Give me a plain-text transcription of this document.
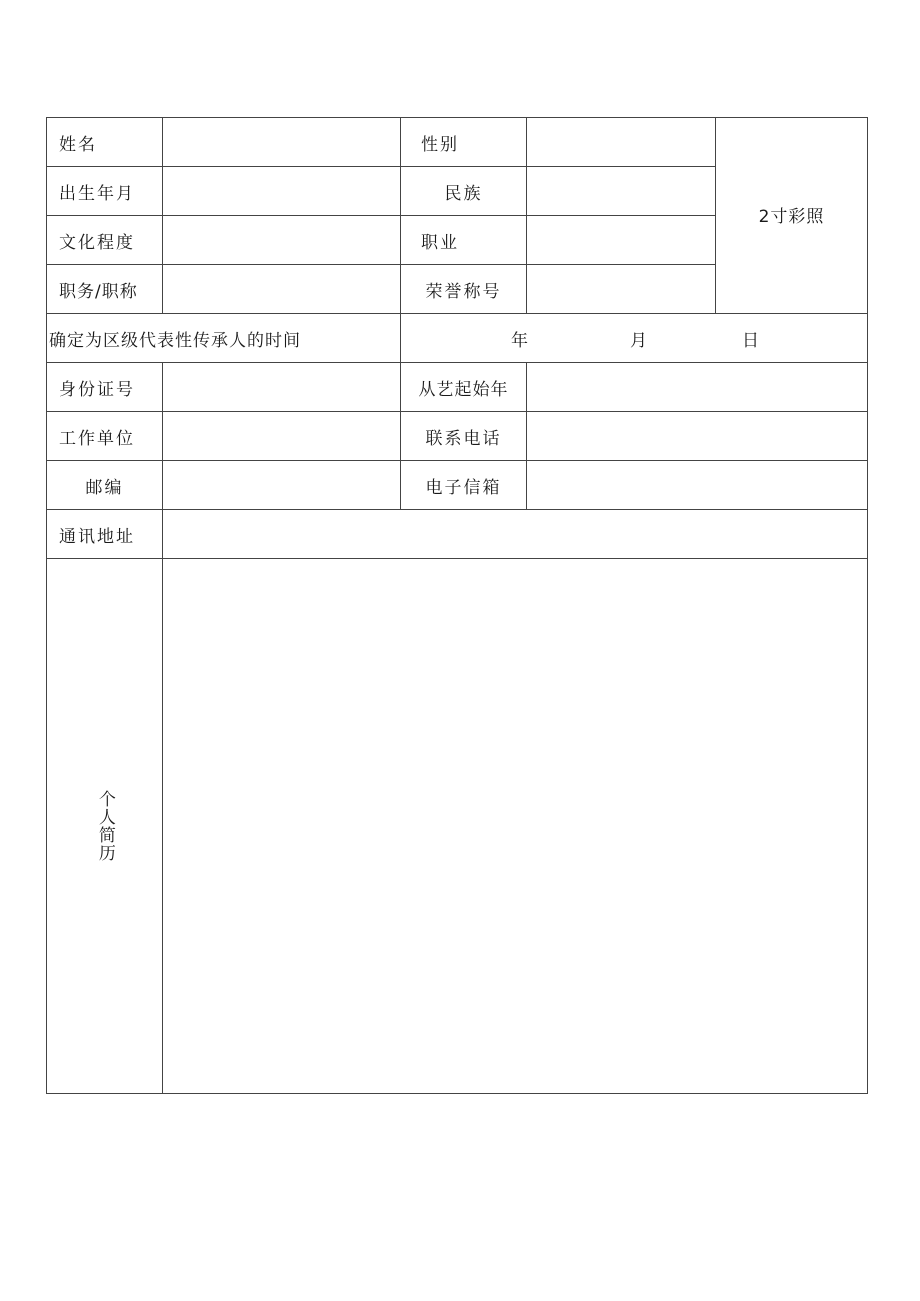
姓名	性别
2寸彩照
出生年月	民族
文化程度	职业
职务/职称	荣誉称号
确定为区级代表性传承人的时间	年	月	日
身份证号	从艺起始年
工作单位	联系电话
邮编	电子信箱
通讯地址
个人简历
